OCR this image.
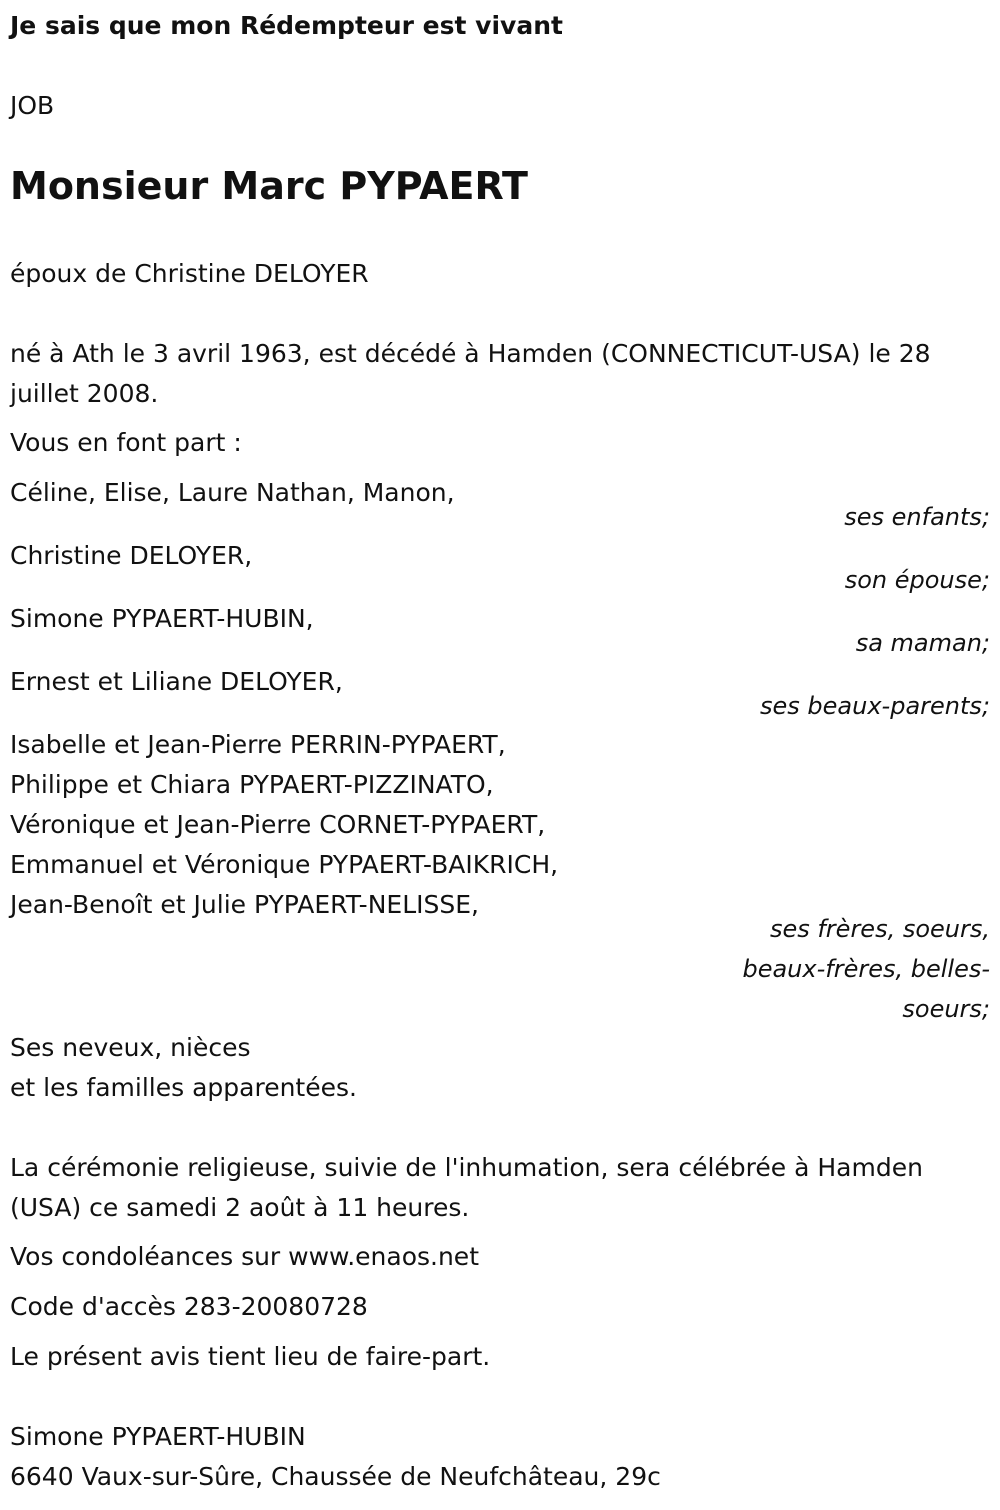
Je sais que mon Rédempteur est vivant
JOB
Monsieur Marc PYPAERT

époux de Christine DELOYER

né à Ath le 3 avril 1963, est décédé à Hamden (CONNECTICUT-USA) le 28 juillet 2008.

Vous en font part :

Céline, Elise, Laure Nathan, Manon,

ses enfants;

Christine DELOYER,

son épouse;

Simone PYPAERT-HUBIN,

sa maman;

Ernest et Liliane DELOYER,

ses beaux-parents;

Isabelle et Jean-Pierre PERRIN-PYPAERT,

Philippe et Chiara PYPAERT-PIZZINATO,

Véronique et Jean-Pierre CORNET-PYPAERT,

Emmanuel et Véronique PYPAERT-BAIKRICH,

Jean-Benoît et Julie PYPAERT-NELISSE,

ses frères, soeurs, beaux-frères, belles-soeurs;

Ses neveux, nièces

et les familles apparentées.

La cérémonie religieuse, suivie de l'inhumation, sera célébrée à Hamden (USA) ce samedi 2 août à 11 heures.

Vos condoléances sur www.enaos.net

Code d'accès 283-20080728

Le présent avis tient lieu de faire-part.

Simone PYPAERT-HUBIN

6640 Vaux-sur-Sûre, Chaussée de Neufchâteau, 29c
